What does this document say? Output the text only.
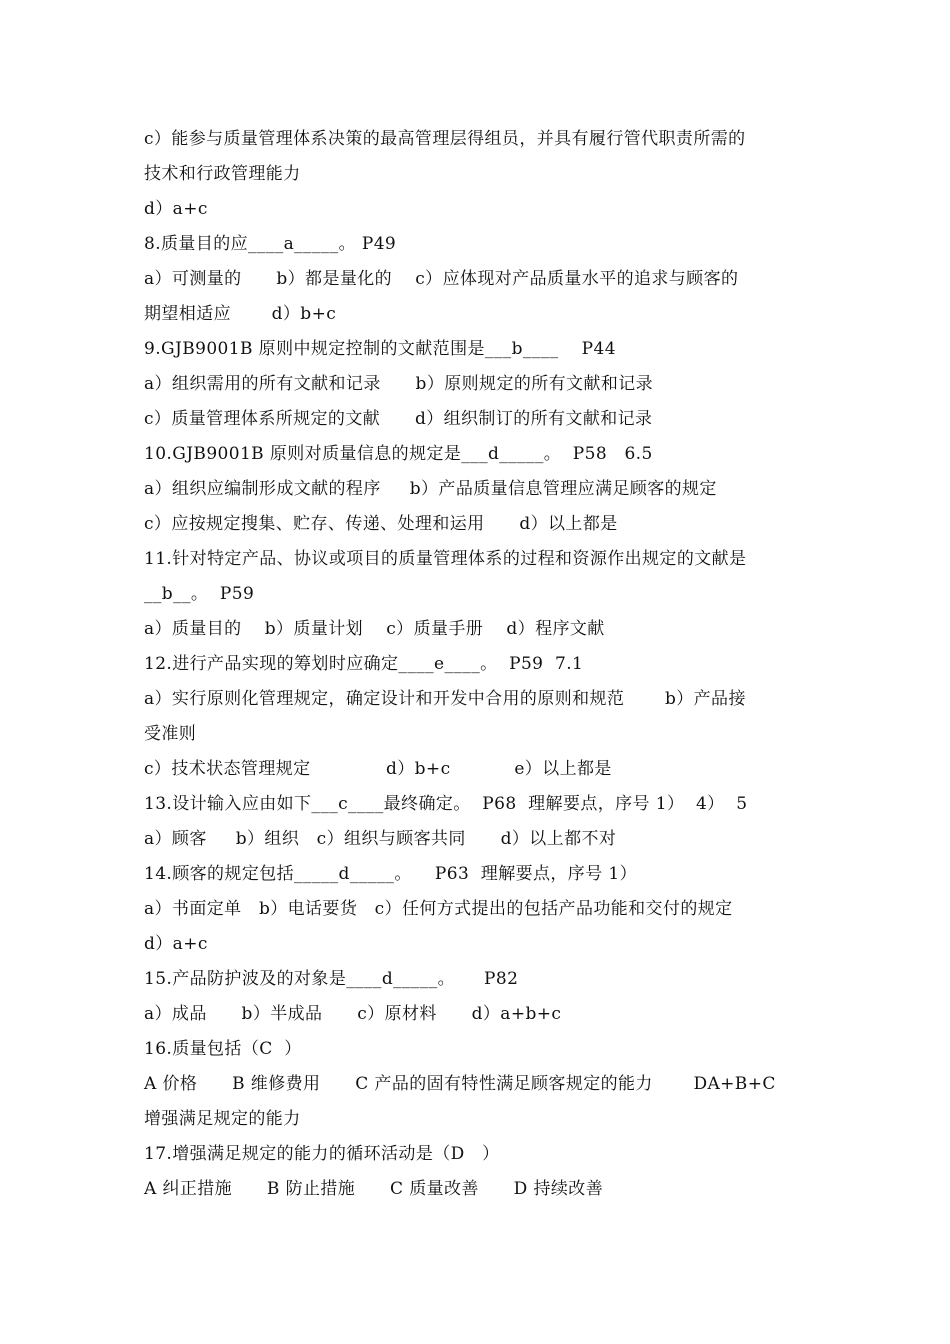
c）能参与质量管理体系决策的最高管理层得组员，并具有履行管代职责所需的
技术和行政管理能力
d）a+c
8.质量目的应____a_____。 P49
a）可测量的      b）都是量化的    c）应体现对产品质量水平的追求与顾客的
期望相适应       d）b+c
9.GJB9001B 原则中规定控制的文献范围是___b____    P44
a）组织需用的所有文献和记录      b）原则规定的所有文献和记录
c）质量管理体系所规定的文献      d）组织制订的所有文献和记录
10.GJB9001B 原则对质量信息的规定是___d_____。  P58   6.5
a）组织应编制形成文献的程序     b）产品质量信息管理应满足顾客的规定
c）应按规定搜集、贮存、传递、处理和运用      d）以上都是
11.针对特定产品、协议或项目的质量管理体系的过程和资源作出规定的文献是
__b__。  P59
a）质量目的    b）质量计划    c）质量手册    d）程序文献
12.进行产品实现的筹划时应确定____e____。  P59  7.1
a）实行原则化管理规定，确定设计和开发中合用的原则和规范       b）产品接
受准则
c）技术状态管理规定             d）b+c           e）以上都是
13.设计输入应由如下___c____最终确定。  P68  理解要点，序号 1）  4）  5
a）顾客     b）组织   c）组织与顾客共同      d）以上都不对
14.顾客的规定包括_____d_____。    P63  理解要点，序号 1）
a）书面定单   b）电话要货   c）任何方式提出的包括产品功能和交付的规定
d）a+c
15.产品防护波及的对象是____d_____。     P82
a）成品      b）半成品      c）原材料      d）a+b+c
16.质量包括（C  ）
A 价格      B 维修费用      C 产品的固有特性满足顾客规定的能力       DA+B+C
增强满足规定的能力
17.增强满足规定的能力的循环活动是（D   ）
A 纠正措施      B 防止措施      C 质量改善      D 持续改善
